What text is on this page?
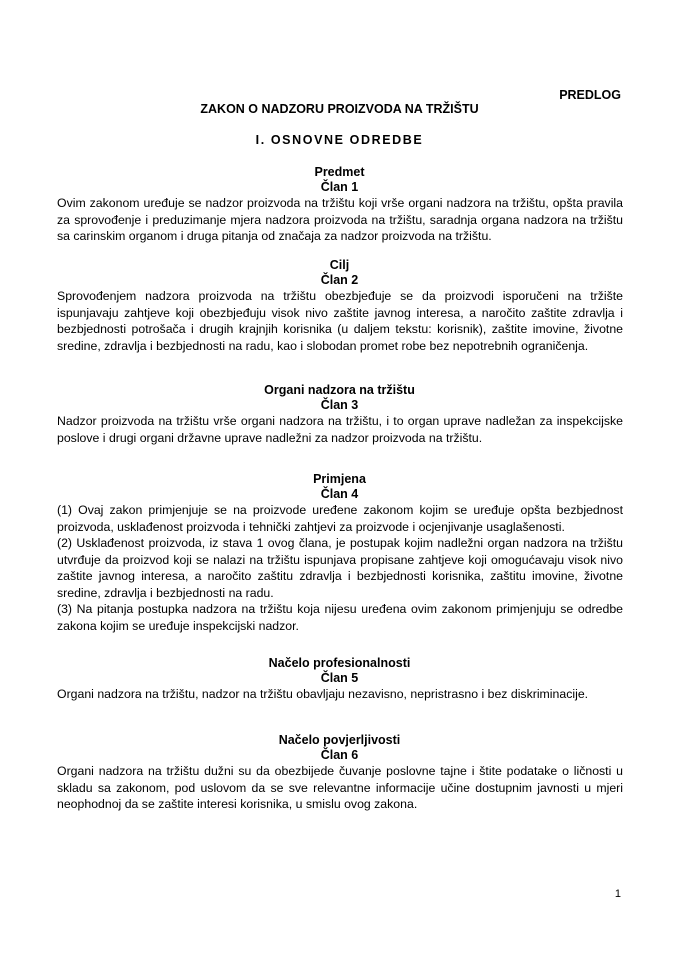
PREDLOG
ZAKON O NADZORU PROIZVODA NA TRŽIŠTU
I. OSNOVNE ODREDBE
Predmet
Član 1

Ovim zakonom uređuje se nadzor proizvoda na tržištu koji vrše organi nadzora na tržištu, opšta pravila za sprovođenje i preduzimanje mjera nadzora proizvoda na tržištu, saradnja organa nadzora na tržištu sa carinskim organom i druga pitanja od značaja za nadzor proizvoda na tržištu.

Cilj
Član 2

Sprovođenjem nadzora proizvoda na tržištu obezbjeđuje se da proizvodi isporučeni na tržište ispunjavaju zahtjeve koji obezbjeđuju visok nivo zaštite javnog interesa, a naročito zaštite zdravlja i bezbjednosti potrošača i drugih krajnjih korisnika (u daljem tekstu: korisnik), zaštite imovine, životne sredine, zdravlja i bezbjednosti na radu, kao i slobodan promet robe bez nepotrebnih ograničenja.

Organi nadzora na tržištu
Član 3

Nadzor proizvoda na tržištu vrše organi nadzora na tržištu, i to organ uprave nadležan za inspekcijske poslove i drugi organi državne uprave nadležni za nadzor proizvoda na tržištu.

Primjena
Član 4

(1) Ovaj zakon primjenjuje se na proizvode uređene zakonom kojim se uređuje opšta bezbjednost proizvoda, usklađenost proizvoda i tehnički zahtjevi za proizvode i ocjenjivanje usaglašenosti.

(2) Usklađenost proizvoda, iz stava 1 ovog člana, je postupak kojim nadležni organ nadzora na tržištu utvrđuje da proizvod koji se nalazi na tržištu ispunjava propisane zahtjeve koji omogućavaju visok nivo zaštite javnog interesa, a naročito zaštitu zdravlja i bezbjednosti korisnika, zaštitu imovine, životne sredine, zdravlja i bezbjednosti na radu.

(3) Na pitanja postupka nadzora na tržištu koja nijesu uređena ovim zakonom primjenjuju se odredbe zakona kojim se uređuje inspekcijski nadzor.

Načelo profesionalnosti
Član 5

Organi nadzora na tržištu, nadzor na tržištu obavljaju nezavisno, nepristrasno i bez diskriminacije.

Načelo povjerljivosti
Član 6

Organi nadzora na tržištu dužni su da obezbijede čuvanje poslovne tajne i štite podatake o ličnosti u skladu sa zakonom, pod uslovom da se sve relevantne informacije učine dostupnim javnosti u mjeri neophodnoj da se zaštite interesi korisnika, u smislu ovog zakona.

1
